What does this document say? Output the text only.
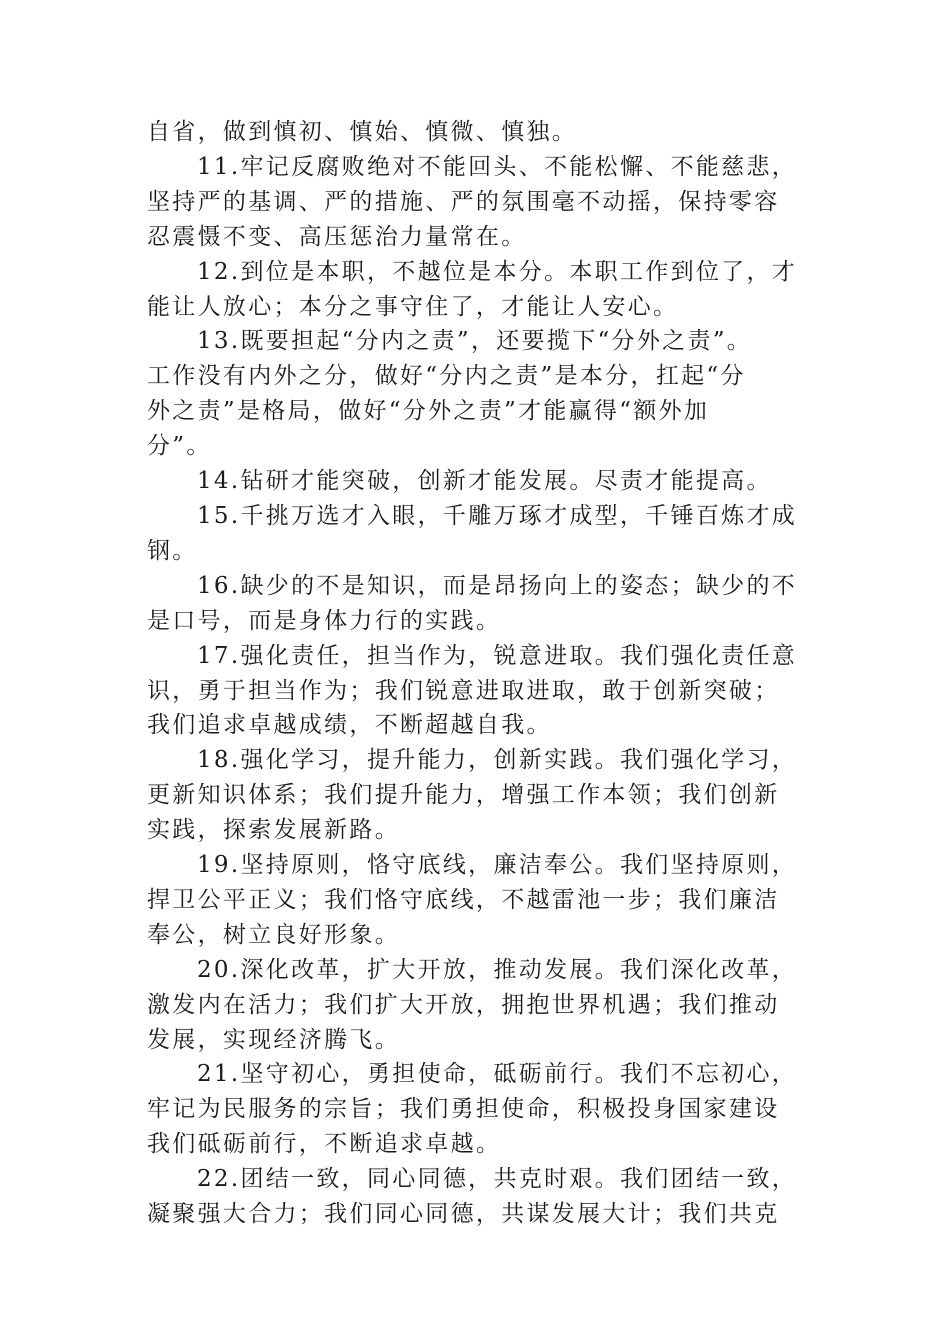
自省，做到慎初、慎始、慎微、慎独。
11.牢记反腐败绝对不能回头、不能松懈、不能慈悲，
坚持严的基调、严的措施、严的氛围毫不动摇，保持零容
忍震慑不变、高压惩治力量常在。
12.到位是本职，不越位是本分。本职工作到位了，才
能让人放心；本分之事守住了，才能让人安心。
13.既要担起“分内之责”，还要揽下“分外之责”。
工作没有内外之分，做好“分内之责”是本分，扛起“分
外之责”是格局，做好“分外之责”才能赢得“额外加
分”。
14.钻研才能突破，创新才能发展。尽责才能提高。
15.千挑万选才入眼，千雕万琢才成型，千锤百炼才成
钢。
16.缺少的不是知识，而是昂扬向上的姿态；缺少的不
是口号，而是身体力行的实践。
17.强化责任，担当作为，锐意进取。我们强化责任意
识，勇于担当作为；我们锐意进取进取，敢于创新突破；
我们追求卓越成绩，不断超越自我。
18.强化学习，提升能力，创新实践。我们强化学习，
更新知识体系；我们提升能力，增强工作本领；我们创新
实践，探索发展新路。
19.坚持原则，恪守底线，廉洁奉公。我们坚持原则，
捍卫公平正义；我们恪守底线，不越雷池一步；我们廉洁
奉公，树立良好形象。
20.深化改革，扩大开放，推动发展。我们深化改革，
激发内在活力；我们扩大开放，拥抱世界机遇；我们推动
发展，实现经济腾飞。
21.坚守初心，勇担使命，砥砺前行。我们不忘初心，
牢记为民服务的宗旨；我们勇担使命，积极投身国家建设
我们砥砺前行，不断追求卓越。
22.团结一致，同心同德，共克时艰。我们团结一致，
凝聚强大合力；我们同心同德，共谋发展大计；我们共克
